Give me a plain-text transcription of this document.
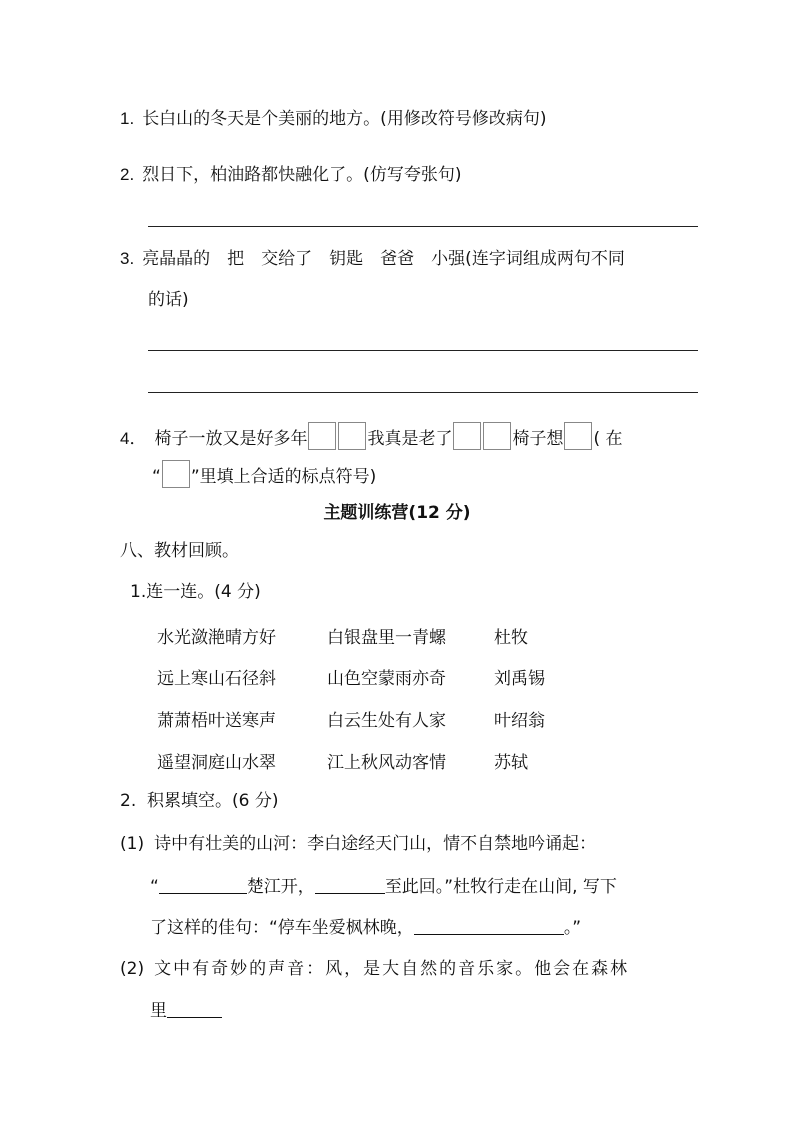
1. 长白山的冬天是个美丽的地方。(用修改符号修改病句)
2. 烈日下，柏油路都快融化了。(仿写夸张句)
3. 亮晶晶的　把　交给了　钥匙　爸爸　小强(连字词组成两句不同
的话)
4． 椅子一放又是好多年	我真是老了	椅子想 ( 在
“ ”里填上合适的标点符号)
主题训练营(12 分)
八、教材回顾。
1.连一连。(4 分)
水光潋滟晴方好	白银盘里一青螺	杜牧
远上寒山石径斜	山色空蒙雨亦奇	刘禹锡
萧萧梧叶送寒声	白云生处有人家	叶绍翁
遥望洞庭山水翠	江上秋风动客情	苏轼
2.  积累填空。(6 分)
(1) 诗中有壮美的山河：李白途经天门山，情不自禁地吟诵起：
“	楚江开，	至此回。”杜牧行走在山间, 写下
了这样的佳句：“停车坐爱枫林晚，	。”
(2) 文中有奇妙的声音：风，是大自然的音乐家。他会在森林
里
